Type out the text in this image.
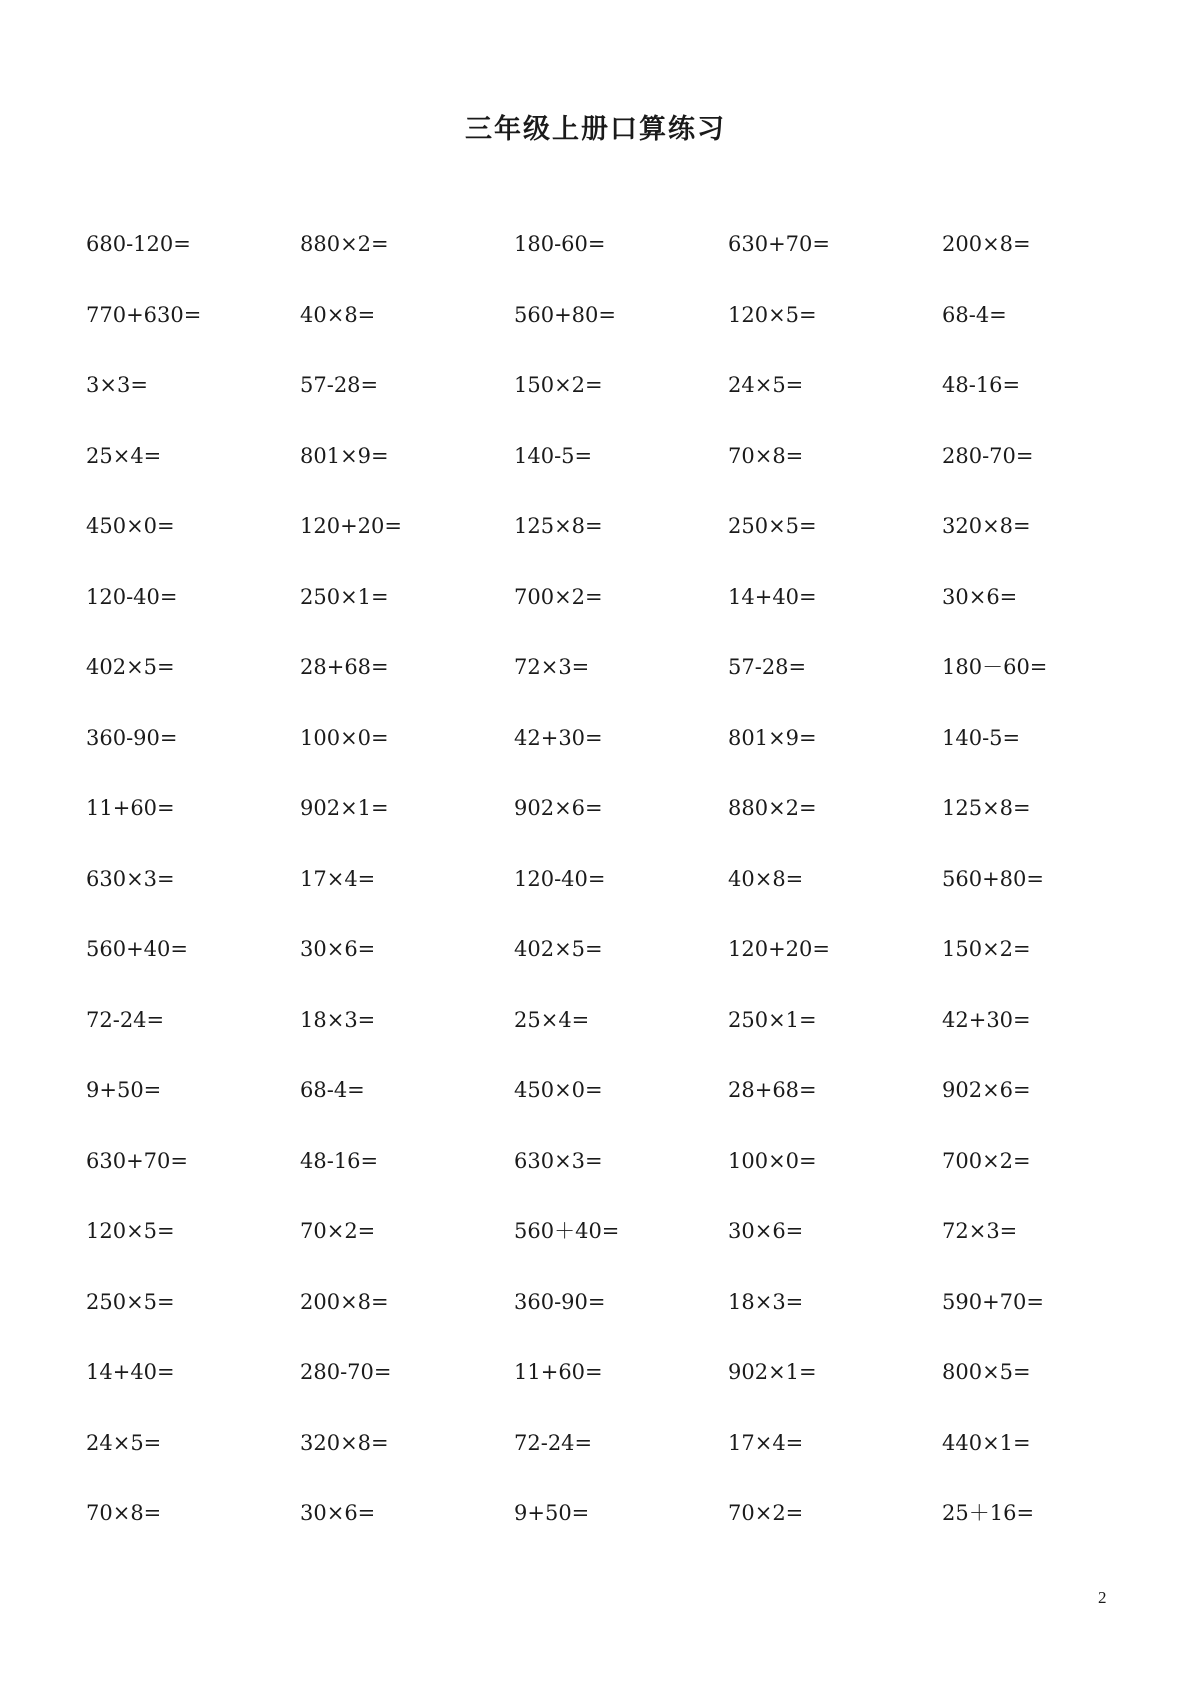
三年级上册口算练习
680-120=	880×2=	180-60=	630+70=	200×8=
770+630=	40×8=	560+80=	120×5=	68-4=
3×3=	57-28=	150×2=	24×5=	48-16=
25×4=	801×9=	140-5=	70×8=	280-70=
450×0=	120+20=	125×8=	250×5=	320×8=
120-40=	250×1=	700×2=	14+40=	30×6=
402×5=	28+68=	72×3=	57-28=	180－60=
360-90=	100×0=	42+30=	801×9=	140-5=
11+60=	902×1=	902×6=	880×2=	125×8=
630×3=	17×4=	120-40=	40×8=	560+80=
560+40=	30×6=	402×5=	120+20=	150×2=
72-24=	18×3=	25×4=	250×1=	42+30=
9+50=	68-4=	450×0=	28+68=	902×6=
630+70=	48-16=	630×3=	100×0=	700×2=
120×5=	70×2=	560＋40=	30×6=	72×3=
250×5=	200×8=	360-90=	18×3=	590+70=
14+40=	280-70=	11+60=	902×1=	800×5=
24×5=	320×8=	72-24=	17×4=	440×1=
70×8=	30×6=	9+50=	70×2=	25＋16=
2
